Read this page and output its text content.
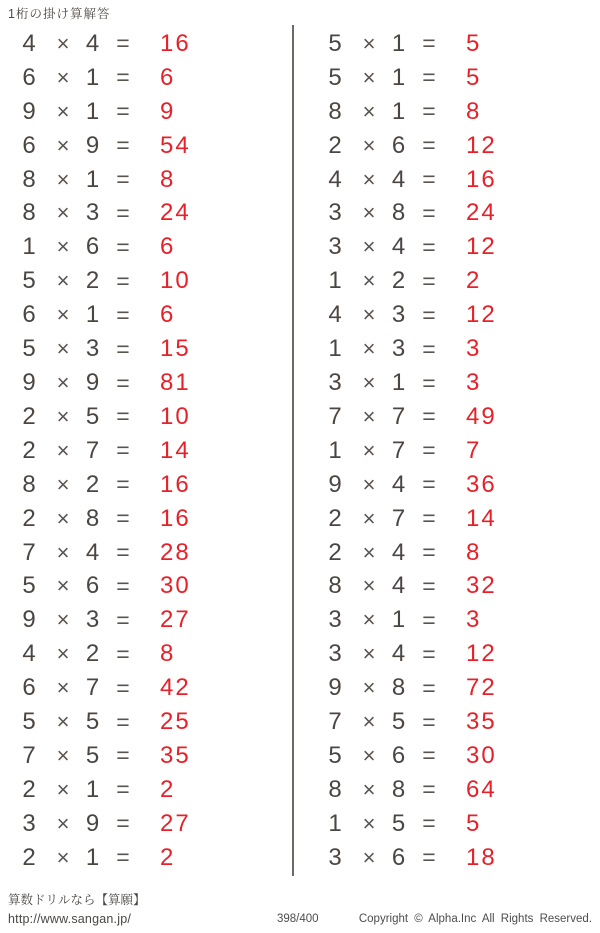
1桁の掛け算解答
4 × 4 =	16
6 × 1 =	6
9 × 1 =	9
6 × 9 =	54
8 × 1 =	8
8 × 3 =	24
1 × 6 =	6
5 × 2 =	10
6 × 1 =	6
5 × 3 =	15
9 × 9 =	81
2 × 5 =	10
2 × 7 =	14
8 × 2 =	16
2 × 8 =	16
7 × 4 =	28
5 × 6 =	30
9 × 3 =	27
4 × 2 =	8
6 × 7 =	42
5 × 5 =	25
7 × 5 =	35
2 × 1 =	2
3 × 9 =	27
2 × 1 =	2
5 × 1 =	5
5 × 1 =	5
8 × 1 =	8
2 × 6 =	12
4 × 4 =	16
3 × 8 =	24
3 × 4 =	12
1 × 2 =	2
4 × 3 =	12
1 × 3 =	3
3 × 1 =	3
7 × 7 =	49
1 × 7 =	7
9 × 4 =	36
2 × 7 =	14
2 × 4 =	8
8 × 4 =	32
3 × 1 =	3
3 × 4 =	12
9 × 8 =	72
7 × 5 =	35
5 × 6 =	30
8 × 8 =	64
1 × 5 =	5
3 × 6 =	18
算数ドリルなら【算願】
http://www.sangan.jp/	398/400	Copyright © Alpha.Inc All Rights Reserved.
